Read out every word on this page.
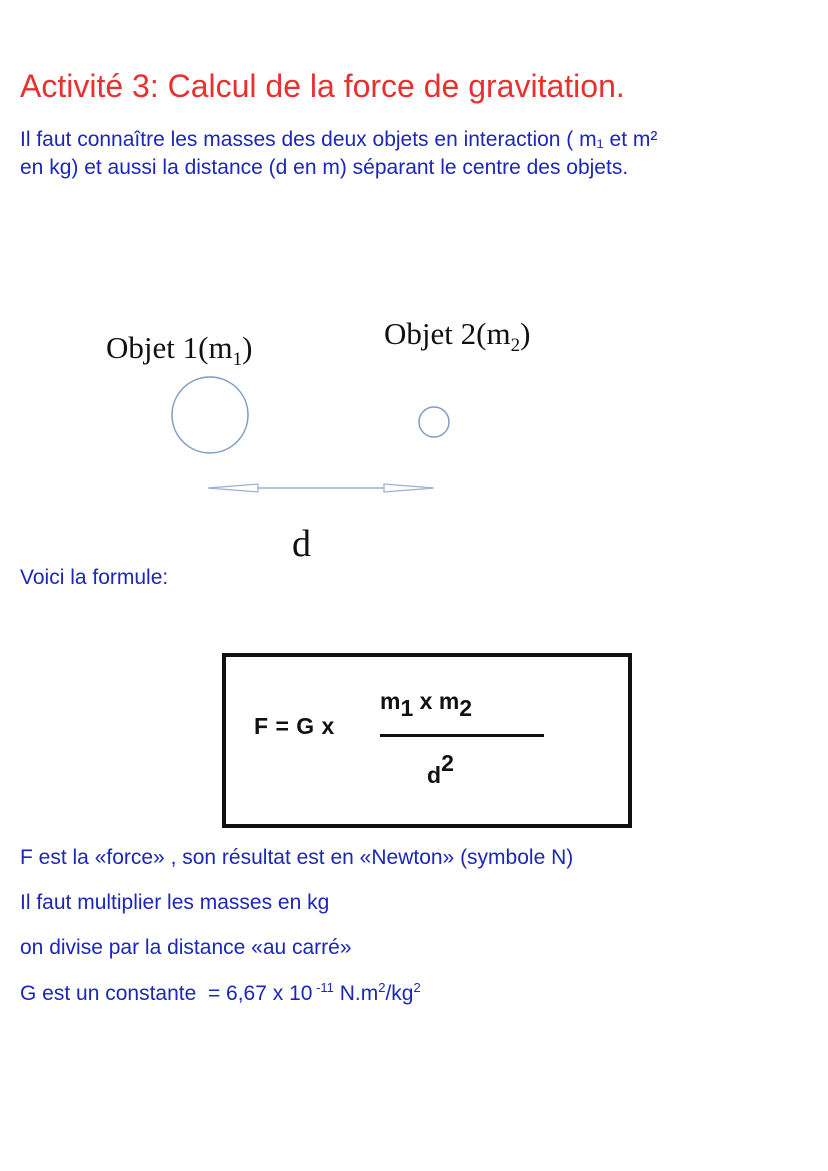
Activité 3: Calcul de la force de gravitation.
Il faut connaître les masses des deux objets en interaction ( m₁ et m²
en kg) et aussi la distance (d en m) séparant le centre des objets.
Objet $1(m_1)$	Objet $2(m_2)$
d
Voici la formule:
F = G x
$m_1$ x $m_2$
$d^2$
F est la «force» , son résultat est en «Newton» (symbole N)
Il faut multiplier les masses en kg
on divise par la distance «au carré»
G est un constante  = 6,67 x 10 $^{-11}$ $N.m^2/kg^2$
